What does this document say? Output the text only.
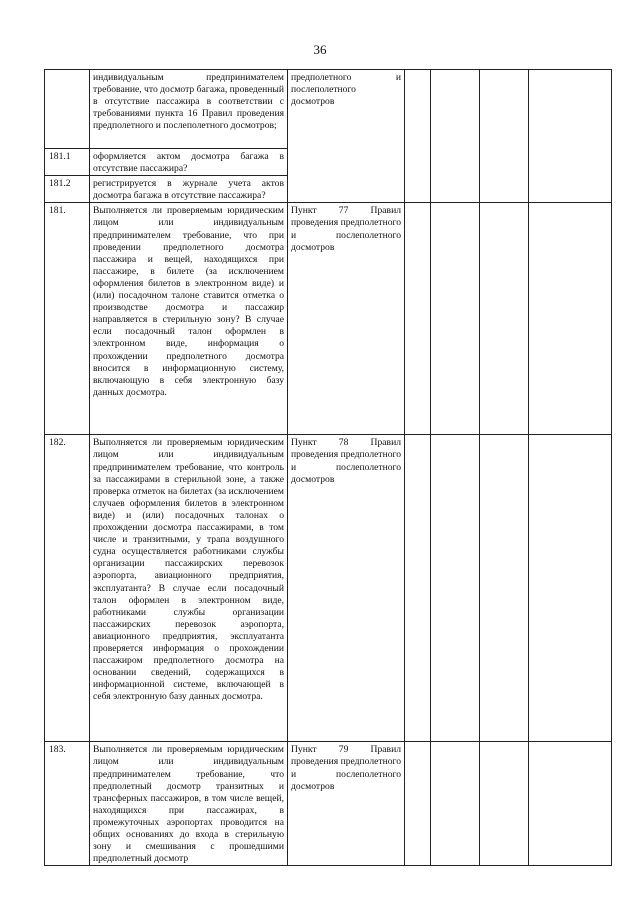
36
	индивидуальным предпринимателем требование, что досмотр багажа, проведенный в отсутствие пассажира в соответствии с требованиями пункта 16 Правил проведения предполетного и послеполетного досмотров;	предполетного и послеполетного досмотров				
181.1	оформляется актом досмотра багажа в отсутствие пассажира?					
181.2	регистрируется в журнале учета актов досмотра багажа в отсутствие пассажира?					
181.	Выполняется ли проверяемым юридическим лицом или индивидуальным предпринимателем требование, что при проведении предполетного досмотра пассажира и вещей, находящихся при пассажире, в билете (за исключением оформления билетов в электронном виде) и (или) посадочном талоне ставится отметка о производстве досмотра и пассажир направляется в стерильную зону? В случае если посадочный талон оформлен в электронном виде, информация о прохождении предполетного досмотра вносится в информационную систему, включающую в себя электронную базу данных досмотра.	Пункт 77 Правил проведения предполетного и послеполетного досмотров				
182.	Выполняется ли проверяемым юридическим лицом или индивидуальным предпринимателем требование, что контроль за пассажирами в стерильной зоне, а также проверка отметок на билетах (за исключением случаев оформления билетов в электронном виде) и (или) посадочных талонах о прохождении досмотра пассажирами, в том числе и транзитными, у трапа воздушного судна осуществляется работниками службы организации пассажирских перевозок аэропорта, авиационного предприятия, эксплуатанта? В случае если посадочный талон оформлен в электронном виде, работниками службы организации пассажирских перевозок аэропорта, авиационного предприятия, эксплуатанта проверяется информация о прохождении пассажиром предполетного досмотра на основании сведений, содержащихся в информационной системе, включающей в себя электронную базу данных досмотра.	Пункт 78 Правил проведения предполетного и послеполетного досмотров				
183.	Выполняется ли проверяемым юридическим лицом или индивидуальным предпринимателем требование, что предполетный досмотр транзитных и трансферных пассажиров, в том числе вещей, находящихся при пассажирах, в промежуточных аэропортах проводится на общих основаниях до входа в стерильную зону и смешивания с прошедшими предполетный досмотр	Пункт 79 Правил проведения предполетного и послеполетного досмотров				
